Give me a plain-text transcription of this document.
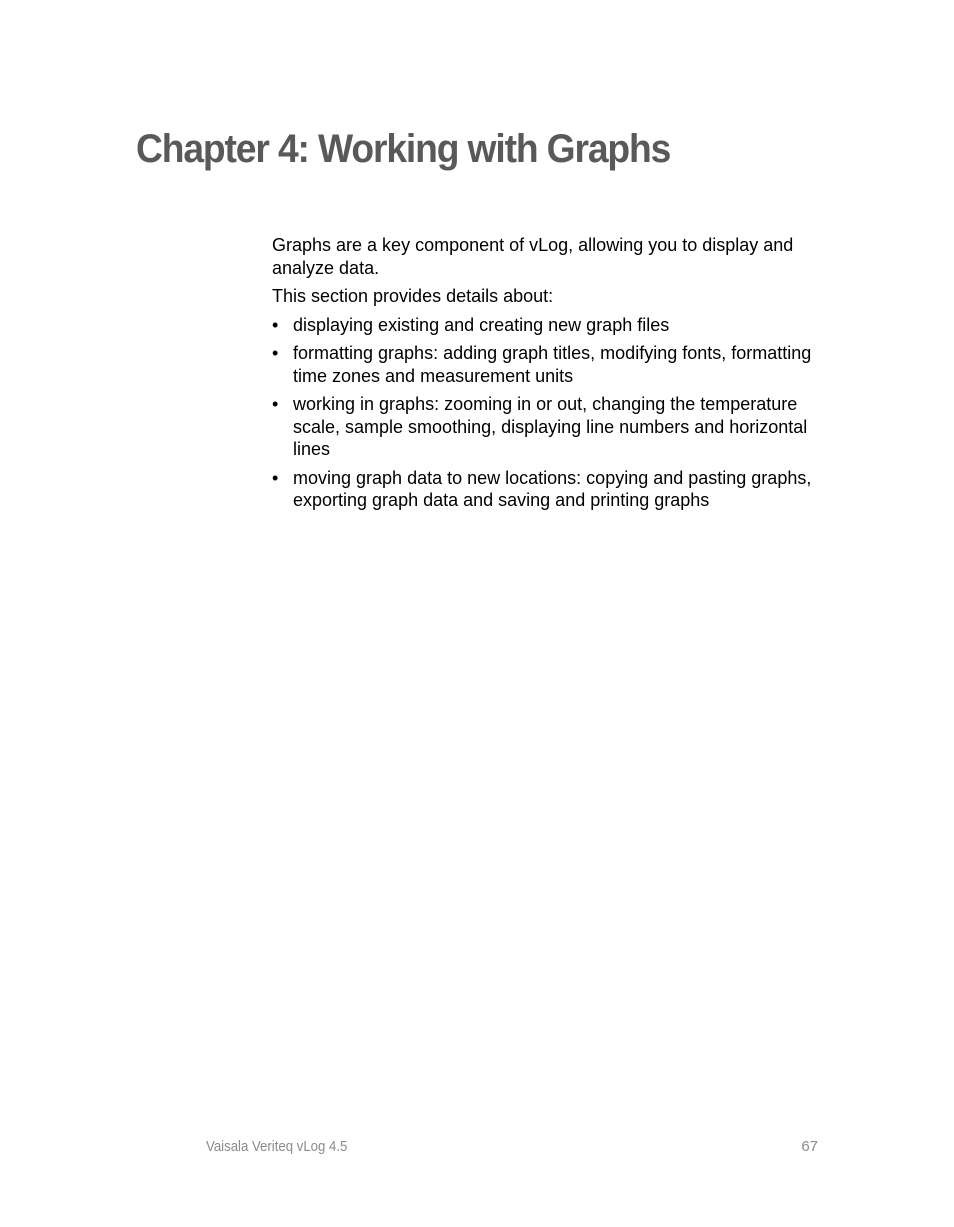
Chapter 4: Working with Graphs

Graphs are a key component of vLog, allowing you to display and analyze data.

This section provides details about:

• displaying existing and creating new graph files
• formatting graphs: adding graph titles, modifying fonts, formatting time zones and measurement units
• working in graphs: zooming in or out, changing the temperature scale, sample smoothing, displaying line numbers and horizontal lines
• moving graph data to new locations: copying and pasting graphs, exporting graph data and saving and printing graphs
Vaisala Veriteq vLog 4.5	67
